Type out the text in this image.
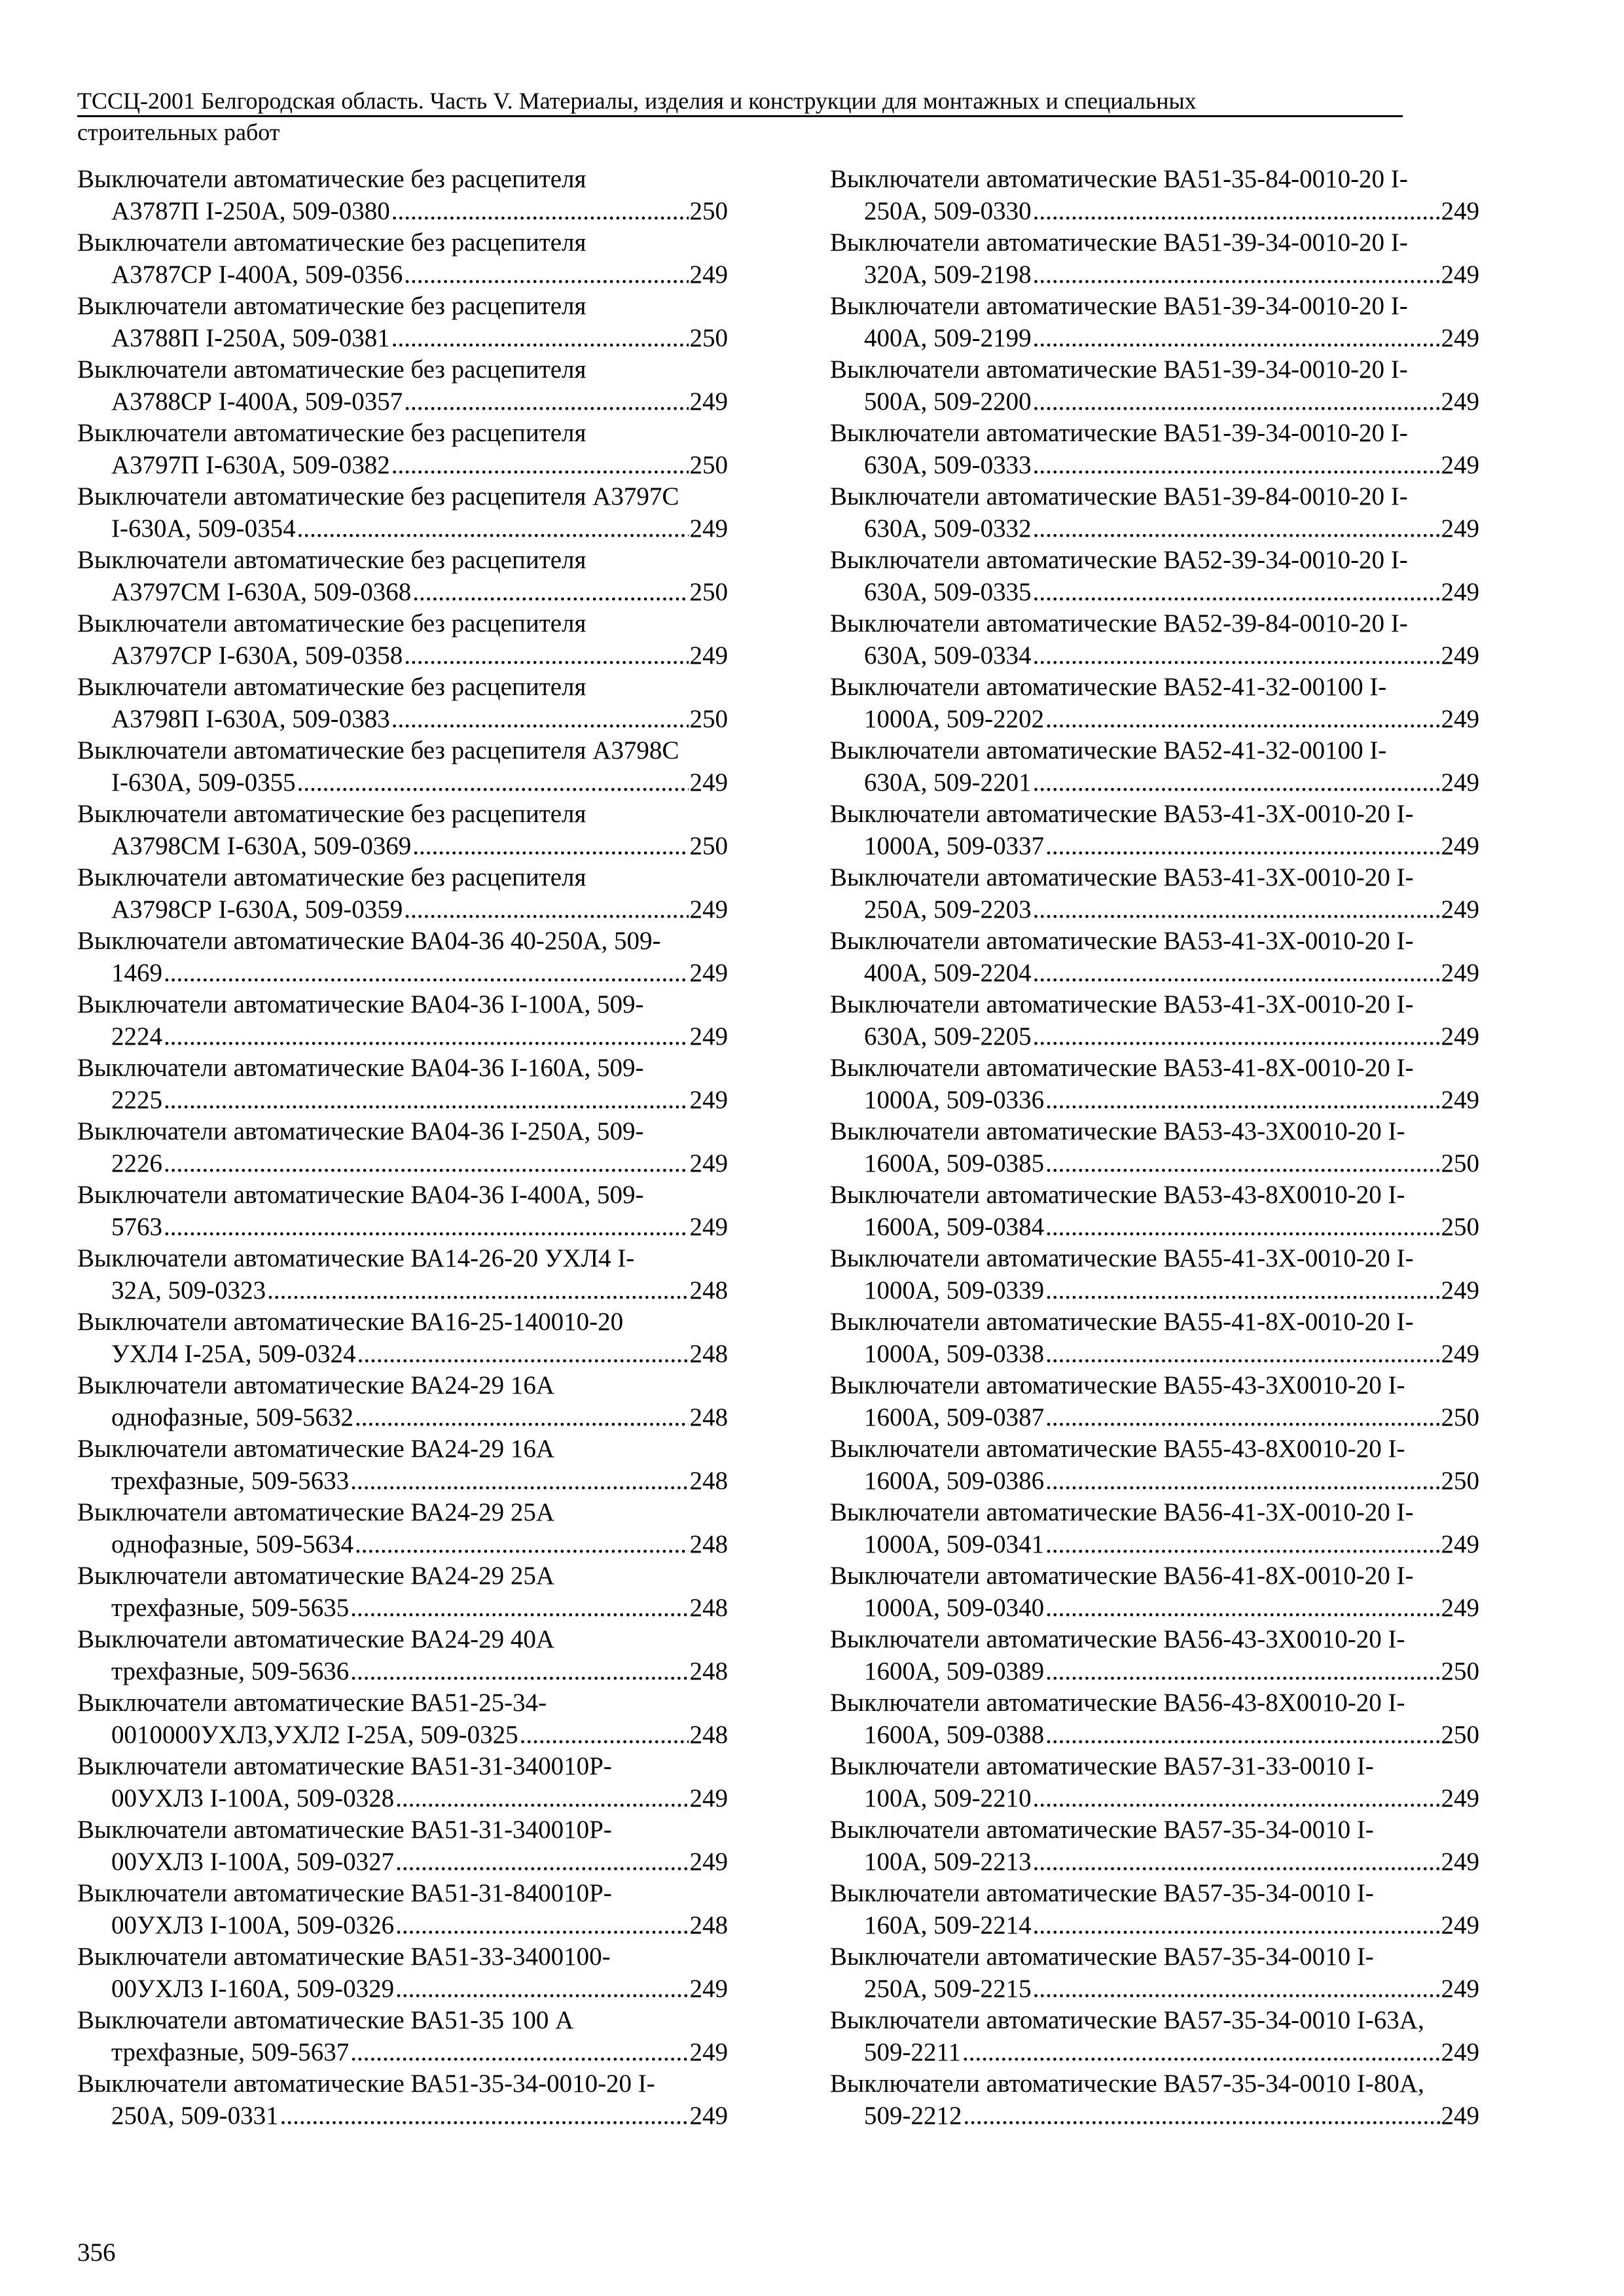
ТССЦ-2001 Белгородская область. Часть V. Материалы, изделия и конструкции для монтажных и специальных
строительных работ
Выключатели автоматические без расцепителя
А3787П I-250А, 509-0380 .....	250
Выключатели автоматические без расцепителя
А3787СР I-400А, 509-0356 .....	249
Выключатели автоматические без расцепителя
А3788П I-250А, 509-0381 .....	250
Выключатели автоматические без расцепителя
А3788СР I-400А, 509-0357 .....	249
Выключатели автоматические без расцепителя
А3797П I-630А, 509-0382 .....	250
Выключатели автоматические без расцепителя А3797С
I-630А, 509-0354 .....	249
Выключатели автоматические без расцепителя
А3797СМ I-630А, 509-0368 .....	250
Выключатели автоматические без расцепителя
А3797СР I-630А, 509-0358 .....	249
Выключатели автоматические без расцепителя
А3798П I-630А, 509-0383 .....	250
Выключатели автоматические без расцепителя А3798С
I-630А, 509-0355 .....	249
Выключатели автоматические без расцепителя
А3798СМ I-630А, 509-0369 .....	250
Выключатели автоматические без расцепителя
А3798СР I-630А, 509-0359 .....	249
Выключатели автоматические ВА04-36 40-250А, 509-
1469 .....	249
Выключатели автоматические ВА04-36 I-100А, 509-
2224 .....	249
Выключатели автоматические ВА04-36 I-160А, 509-
2225 .....	249
Выключатели автоматические ВА04-36 I-250А, 509-
2226 .....	249
Выключатели автоматические ВА04-36 I-400А, 509-
5763 .....	249
Выключатели автоматические ВА14-26-20 УХЛ4 I-
32А, 509-0323 .....	248
Выключатели автоматические ВА16-25-140010-20
УХЛ4 I-25А, 509-0324 .....	248
Выключатели автоматические ВА24-29 16А
однофазные, 509-5632 .....	248
Выключатели автоматические ВА24-29 16А
трехфазные, 509-5633 .....	248
Выключатели автоматические ВА24-29 25А
однофазные, 509-5634 .....	248
Выключатели автоматические ВА24-29 25А
трехфазные, 509-5635 .....	248
Выключатели автоматические ВА24-29 40А
трехфазные, 509-5636 .....	248
Выключатели автоматические ВА51-25-34-
0010000УХЛ3,УХЛ2 I-25А, 509-0325 .....	248
Выключатели автоматические ВА51-31-340010Р-
00УХЛ3 I-100А, 509-0328 .....	249
Выключатели автоматические ВА51-31-340010Р-
00УХЛ3 I-100А, 509-0327 .....	249
Выключатели автоматические ВА51-31-840010Р-
00УХЛ3 I-100А, 509-0326 .....	248
Выключатели автоматические ВА51-33-3400100-
00УХЛ3 I-160А, 509-0329 .....	249
Выключатели автоматические ВА51-35 100 А
трехфазные, 509-5637 .....	249
Выключатели автоматические ВА51-35-34-0010-20 I-
250А, 509-0331 .....	249
Выключатели автоматические ВА51-35-84-0010-20 I-
250А, 509-0330 .....	249
Выключатели автоматические ВА51-39-34-0010-20 I-
320А, 509-2198 .....	249
Выключатели автоматические ВА51-39-34-0010-20 I-
400А, 509-2199 .....	249
Выключатели автоматические ВА51-39-34-0010-20 I-
500А, 509-2200 .....	249
Выключатели автоматические ВА51-39-34-0010-20 I-
630А, 509-0333 .....	249
Выключатели автоматические ВА51-39-84-0010-20 I-
630А, 509-0332 .....	249
Выключатели автоматические ВА52-39-34-0010-20 I-
630А, 509-0335 .....	249
Выключатели автоматические ВА52-39-84-0010-20 I-
630А, 509-0334 .....	249
Выключатели автоматические ВА52-41-32-00100 I-
1000А, 509-2202 .....	249
Выключатели автоматические ВА52-41-32-00100 I-
630А, 509-2201 .....	249
Выключатели автоматические ВА53-41-3Х-0010-20 I-
1000А, 509-0337 .....	249
Выключатели автоматические ВА53-41-3Х-0010-20 I-
250А, 509-2203 .....	249
Выключатели автоматические ВА53-41-3Х-0010-20 I-
400А, 509-2204 .....	249
Выключатели автоматические ВА53-41-3Х-0010-20 I-
630А, 509-2205 .....	249
Выключатели автоматические ВА53-41-8Х-0010-20 I-
1000А, 509-0336 .....	249
Выключатели автоматические ВА53-43-3Х0010-20 I-
1600А, 509-0385 .....	250
Выключатели автоматические ВА53-43-8Х0010-20 I-
1600А, 509-0384 .....	250
Выключатели автоматические ВА55-41-3Х-0010-20 I-
1000А, 509-0339 .....	249
Выключатели автоматические ВА55-41-8Х-0010-20 I-
1000А, 509-0338 .....	249
Выключатели автоматические ВА55-43-3Х0010-20 I-
1600А, 509-0387 .....	250
Выключатели автоматические ВА55-43-8Х0010-20 I-
1600А, 509-0386 .....	250
Выключатели автоматические ВА56-41-3Х-0010-20 I-
1000А, 509-0341 .....	249
Выключатели автоматические ВА56-41-8Х-0010-20 I-
1000А, 509-0340 .....	249
Выключатели автоматические ВА56-43-3Х0010-20 I-
1600А, 509-0389 .....	250
Выключатели автоматические ВА56-43-8Х0010-20 I-
1600А, 509-0388 .....	250
Выключатели автоматические ВА57-31-33-0010 I-
100А, 509-2210 .....	249
Выключатели автоматические ВА57-35-34-0010 I-
100А, 509-2213 .....	249
Выключатели автоматические ВА57-35-34-0010 I-
160А, 509-2214 .....	249
Выключатели автоматические ВА57-35-34-0010 I-
250А, 509-2215 .....	249
Выключатели автоматические ВА57-35-34-0010 I-63А,
509-2211 .....	249
Выключатели автоматические ВА57-35-34-0010 I-80А,
509-2212 .....	249
356
